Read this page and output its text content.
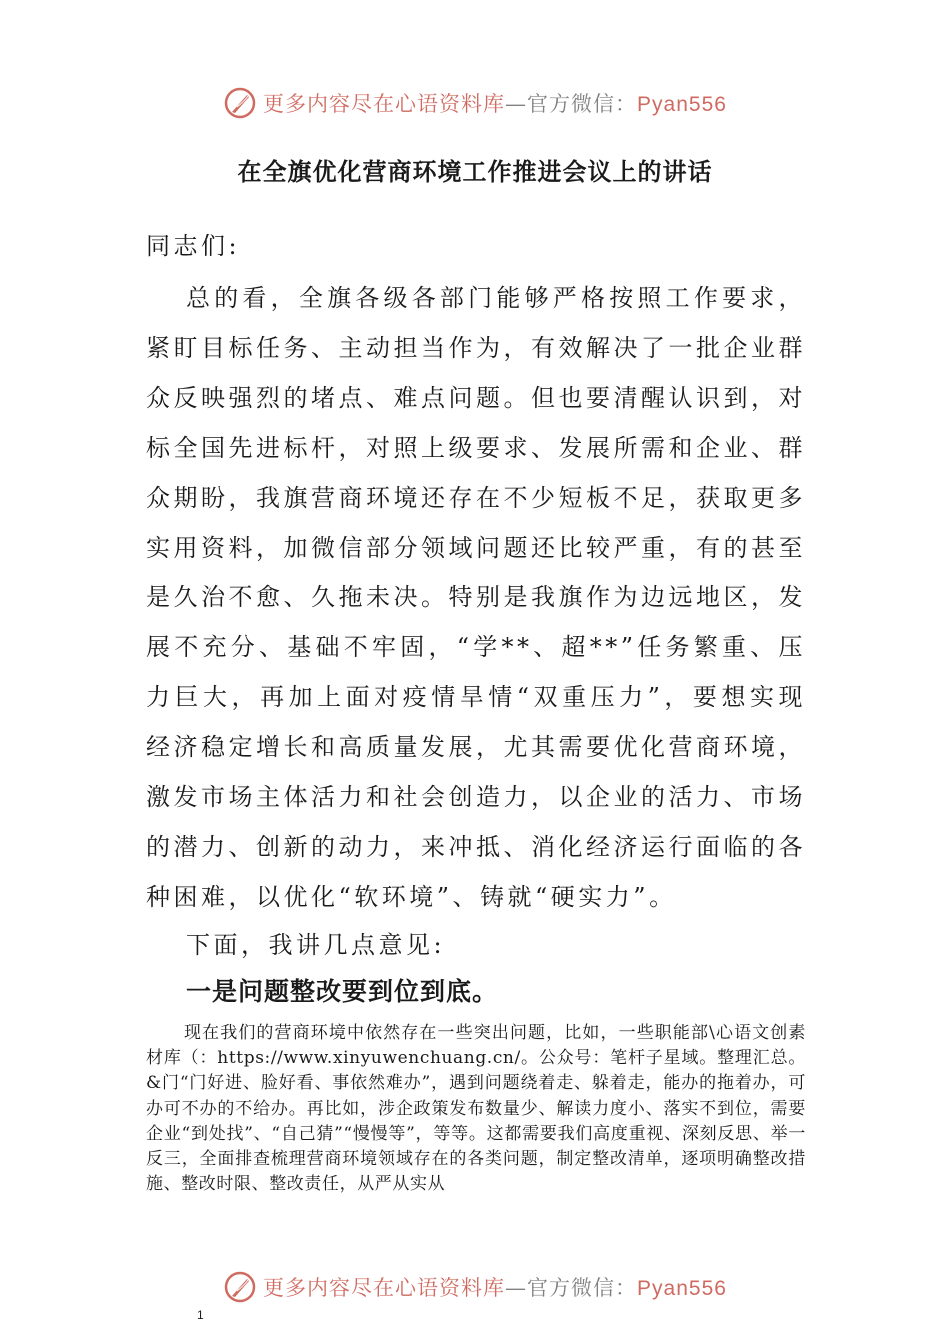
更多内容尽在心语资料库—官方微信：Pyan556
在全旗优化营商环境工作推进会议上的讲话
同志们:
总的看，全旗各级各部门能够严格按照工作要求，紧盯目标任务、主动担当作为，有效解决了一批企业群众反映强烈的堵点、难点问题。但也要清醒认识到，对标全国先进标杆，对照上级要求、发展所需和企业、群众期盼，我旗营商环境还存在不少短板不足，获取更多实用资料，加微信部分领域问题还比较严重，有的甚至是久治不愈、久拖未决。特别是我旗作为边远地区，发展不充分、基础不牢固，“学**、超**”任务繁重、压力巨大，再加上面对疫情旱情“双重压力”，要想实现经济稳定增长和高质量发展，尤其需要优化营商环境，激发市场主体活力和社会创造力，以企业的活力、市场的潜力、创新的动力，来冲抵、消化经济运行面临的各种困难，以优化“软环境”、铸就“硬实力”。
下面，我讲几点意见:
一是问题整改要到位到底。
现在我们的营商环境中依然存在一些突出问题，比如，一些职能部\心语文创素材库（：https://www.xinyuwenchuang.cn/。公众号：笔杆子星域。整理汇总。&门“门好进、脸好看、事依然难办”，遇到问题绕着走、躲着走，能办的拖着办，可办可不办的不给办。再比如，涉企政策发布数量少、解读力度小、落实不到位，需要企业“到处找”、“自己猜”“慢慢等”，等等。这都需要我们高度重视、深刻反思、举一反三，全面排查梳理营商环境领域存在的各类问题，制定整改清单，逐项明确整改措施、整改时限、整改责任，从严从实从
更多内容尽在心语资料库—官方微信：Pyan556
1
